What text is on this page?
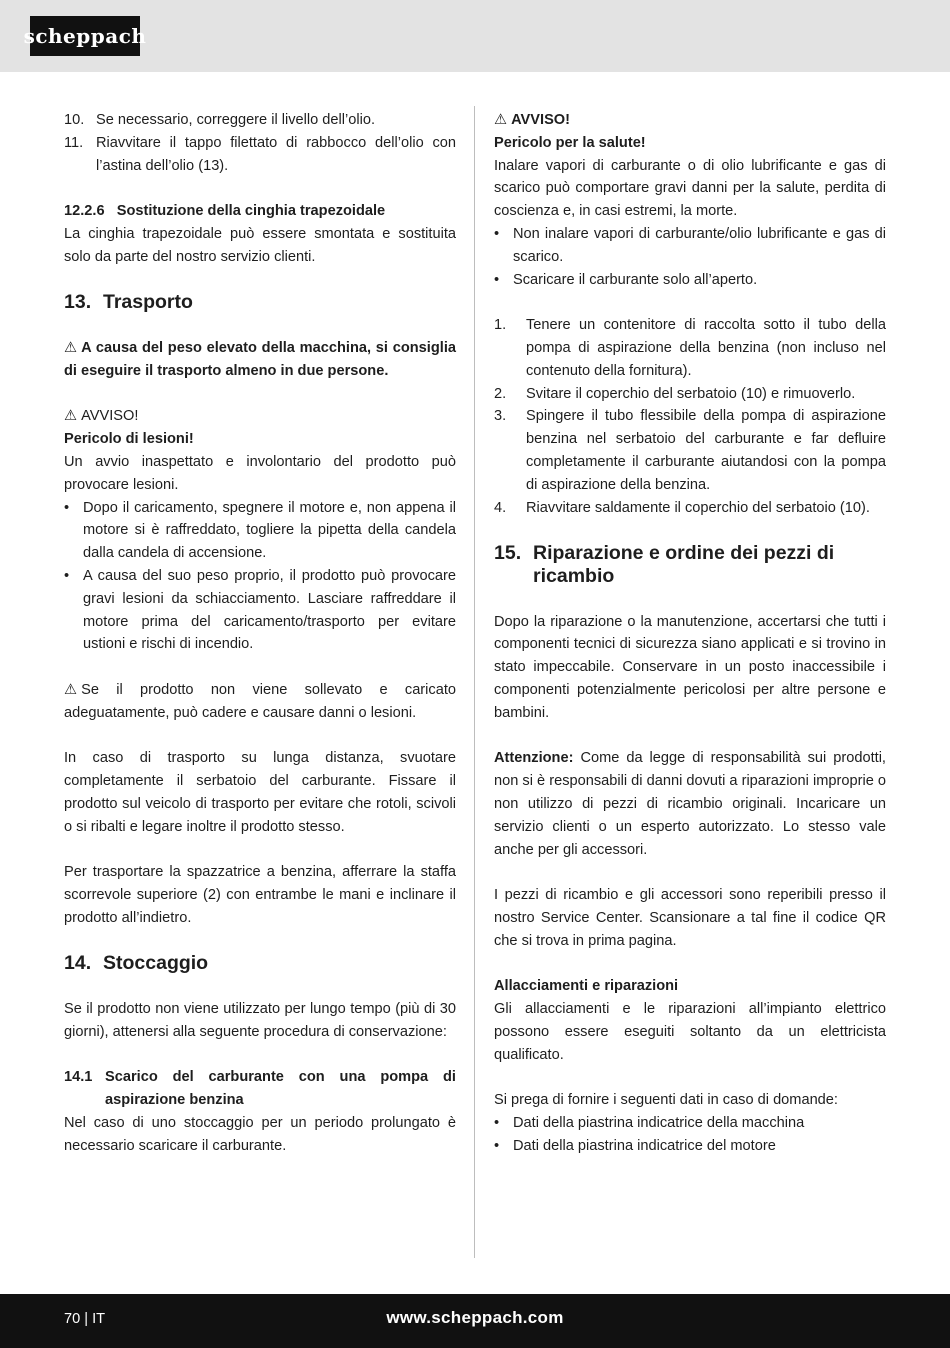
scheppach
10. Se necessario, correggere il livello dell’olio.
11. Riavvitare il tappo filettato di rabbocco dell’olio con l’astina dell’olio (13).
12.2.6 Sostituzione della cinghia trapezoidale

La cinghia trapezoidale può essere smontata e sostituita solo da parte del nostro servizio clienti.

13. Trasporto

⚠ A causa del peso elevato della macchina, si consiglia di eseguire il trasporto almeno in due persone.

⚠ AVVISO!
Pericolo di lesioni!

Un avvio inaspettato e involontario del prodotto può provocare lesioni.

• Dopo il caricamento, spegnere il motore e, non appena il motore si è raffreddato, togliere la pipetta della candela dalla candela di accensione.
• A causa del suo peso proprio, il prodotto può provocare gravi lesioni da schiacciamento. Lasciare raffreddare il motore prima del caricamento/trasporto per evitare ustioni e rischi di incendio.

⚠ Se il prodotto non viene sollevato e caricato adeguatamente, può cadere e causare danni o lesioni.

In caso di trasporto su lunga distanza, svuotare completamente il serbatoio del carburante. Fissare il prodotto sul veicolo di trasporto per evitare che rotoli, scivoli o si ribalti e legare inoltre il prodotto stesso.

Per trasportare la spazzatrice a benzina, afferrare la staffa scorrevole superiore (2) con entrambe le mani e inclinare il prodotto all’indietro.

14. Stoccaggio

Se il prodotto non viene utilizzato per lungo tempo (più di 30 giorni), attenersi alla seguente procedura di conservazione:

14.1 Scarico del carburante con una pompa di aspirazione benzina

Nel caso di uno stoccaggio per un periodo prolungato è necessario scaricare il carburante.

⚠ AVVISO!
Pericolo per la salute!

Inalare vapori di carburante o di olio lubrificante e gas di scarico può comportare gravi danni per la salute, perdita di coscienza e, in casi estremi, la morte.

• Non inalare vapori di carburante/olio lubrificante e gas di scarico.
• Scaricare il carburante solo all’aperto.
1.	Tenere un contenitore di raccolta sotto il tubo della pompa di aspirazione della benzina (non incluso nel contenuto della fornitura).
2.	Svitare il coperchio del serbatoio (10) e rimuoverlo.
3.	Spingere il tubo flessibile della pompa di aspirazione benzina nel serbatoio del carburante e far defluire completamente il carburante aiutandosi con la pompa di aspirazione della benzina.
4.	Riavvitare saldamente il coperchio del serbatoio (10).
15. Riparazione e ordine dei pezzi di ricambio

Dopo la riparazione o la manutenzione, accertarsi che tutti i componenti tecnici di sicurezza siano applicati e si trovino in stato impeccabile. Conservare in un posto inaccessibile i componenti potenzialmente pericolosi per altre persone e bambini.

Attenzione: Come da legge di responsabilità sui prodotti, non si è responsabili di danni dovuti a riparazioni improprie o non utilizzo di pezzi di ricambio originali. Incaricare un servizio clienti o un esperto autorizzato. Lo stesso vale anche per gli accessori.

I pezzi di ricambio e gli accessori sono reperibili presso il nostro Service Center. Scansionare a tal fine il codice QR che si trova in prima pagina.

Allacciamenti e riparazioni

Gli allacciamenti e le riparazioni all’impianto elettrico possono essere eseguiti soltanto da un elettricista qualificato.

Si prega di fornire i seguenti dati in caso di domande:

• Dati della piastrina indicatrice della macchina
• Dati della piastrina indicatrice del motore
70 | IT	www.scheppach.com
